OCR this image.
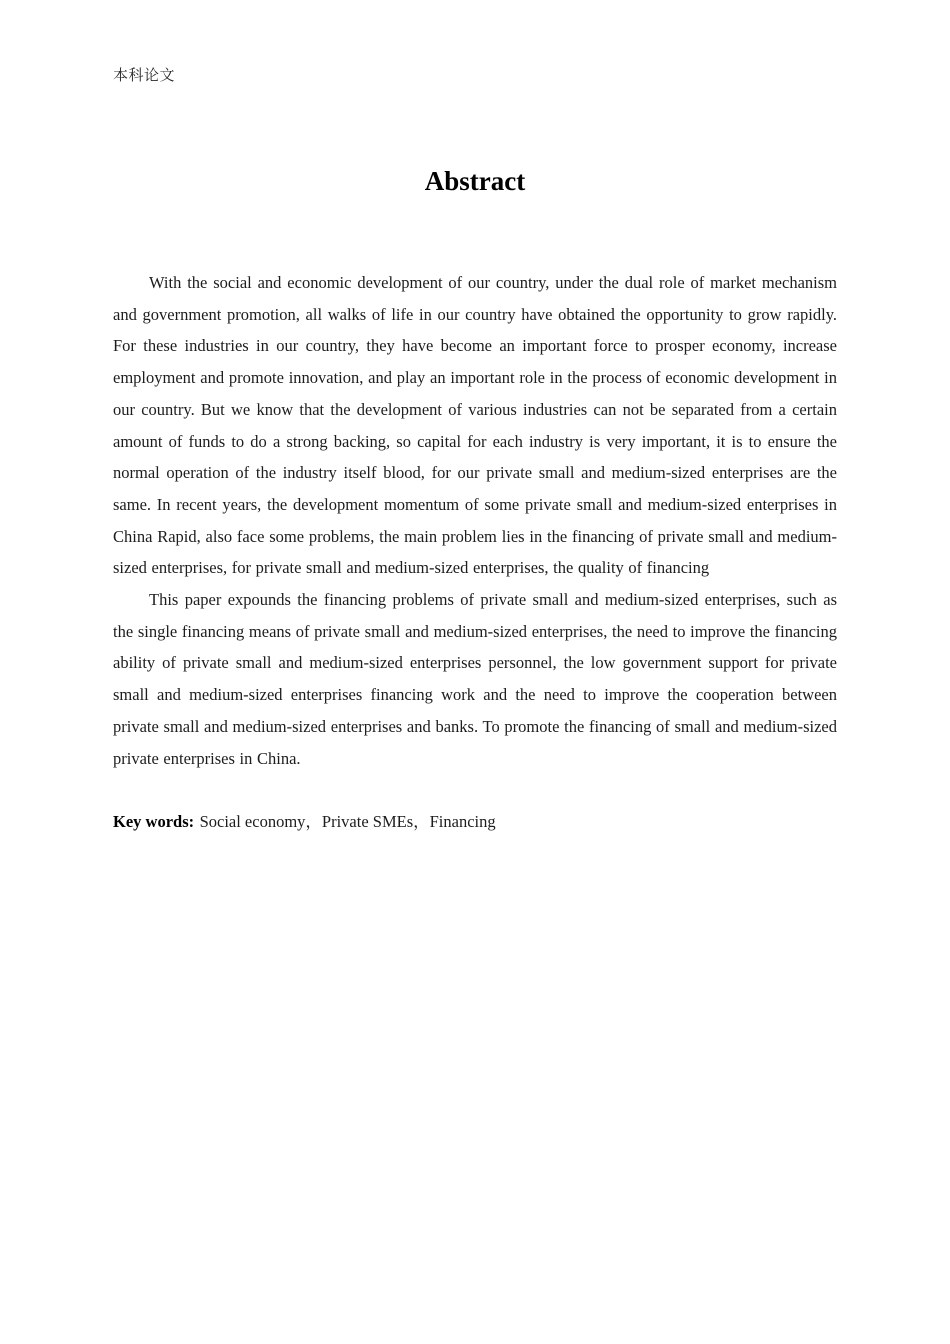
本科论文
Abstract

With the social and economic development of our country, under the dual role of market mechanism and government promotion, all walks of life in our country have obtained the opportunity to grow rapidly. For these industries in our country, they have become an important force to prosper economy, increase employment and promote innovation, and play an important role in the process of economic development in our country. But we know that the development of various industries can not be separated from a certain amount of funds to do a strong backing, so capital for each industry is very important, it is to ensure the normal operation of the industry itself blood, for our private small and medium-sized enterprises are the same. In recent years, the development momentum of some private small and medium-sized enterprises in China Rapid, also face some problems, the main problem lies in the financing of private small and medium-sized enterprises, for private small and medium-sized enterprises, the quality of financing

This paper expounds the financing problems of private small and medium-sized enterprises, such as the single financing means of private small and medium-sized enterprises, the need to improve the financing ability of private small and medium-sized enterprises personnel, the low government support for private small and medium-sized enterprises financing work and the need to improve the cooperation between private small and medium-sized enterprises and banks. To promote the financing of small and medium-sized private enterprises in China.

Key words: Social economy，Private SMEs，Financing
